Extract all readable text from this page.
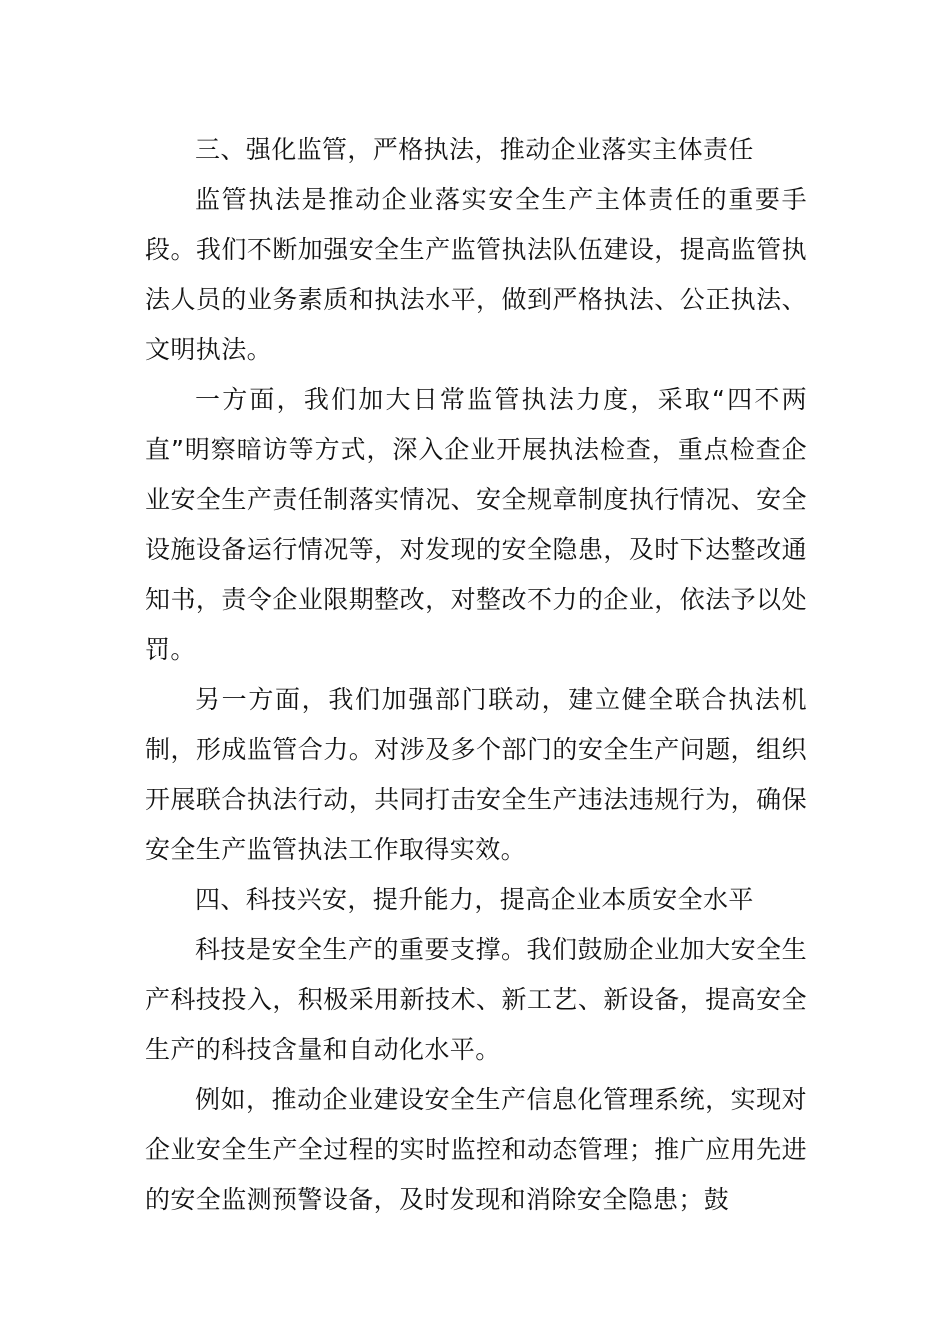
三、强化监管，严格执法，推动企业落实主体责任

监管执法是推动企业落实安全生产主体责任的重要手段。我们不断加强安全生产监管执法队伍建设，提高监管执法人员的业务素质和执法水平，做到严格执法、公正执法、文明执法。

一方面，我们加大日常监管执法力度，采取“四不两直”明察暗访等方式，深入企业开展执法检查，重点检查企业安全生产责任制落实情况、安全规章制度执行情况、安全设施设备运行情况等，对发现的安全隐患，及时下达整改通知书，责令企业限期整改，对整改不力的企业，依法予以处罚。

另一方面，我们加强部门联动，建立健全联合执法机制，形成监管合力。对涉及多个部门的安全生产问题，组织开展联合执法行动，共同打击安全生产违法违规行为，确保安全生产监管执法工作取得实效。

四、科技兴安，提升能力，提高企业本质安全水平

科技是安全生产的重要支撑。我们鼓励企业加大安全生产科技投入，积极采用新技术、新工艺、新设备，提高安全生产的科技含量和自动化水平。

例如，推动企业建设安全生产信息化管理系统，实现对企业安全生产全过程的实时监控和动态管理；推广应用先进的安全监测预警设备，及时发现和消除安全隐患；鼓
